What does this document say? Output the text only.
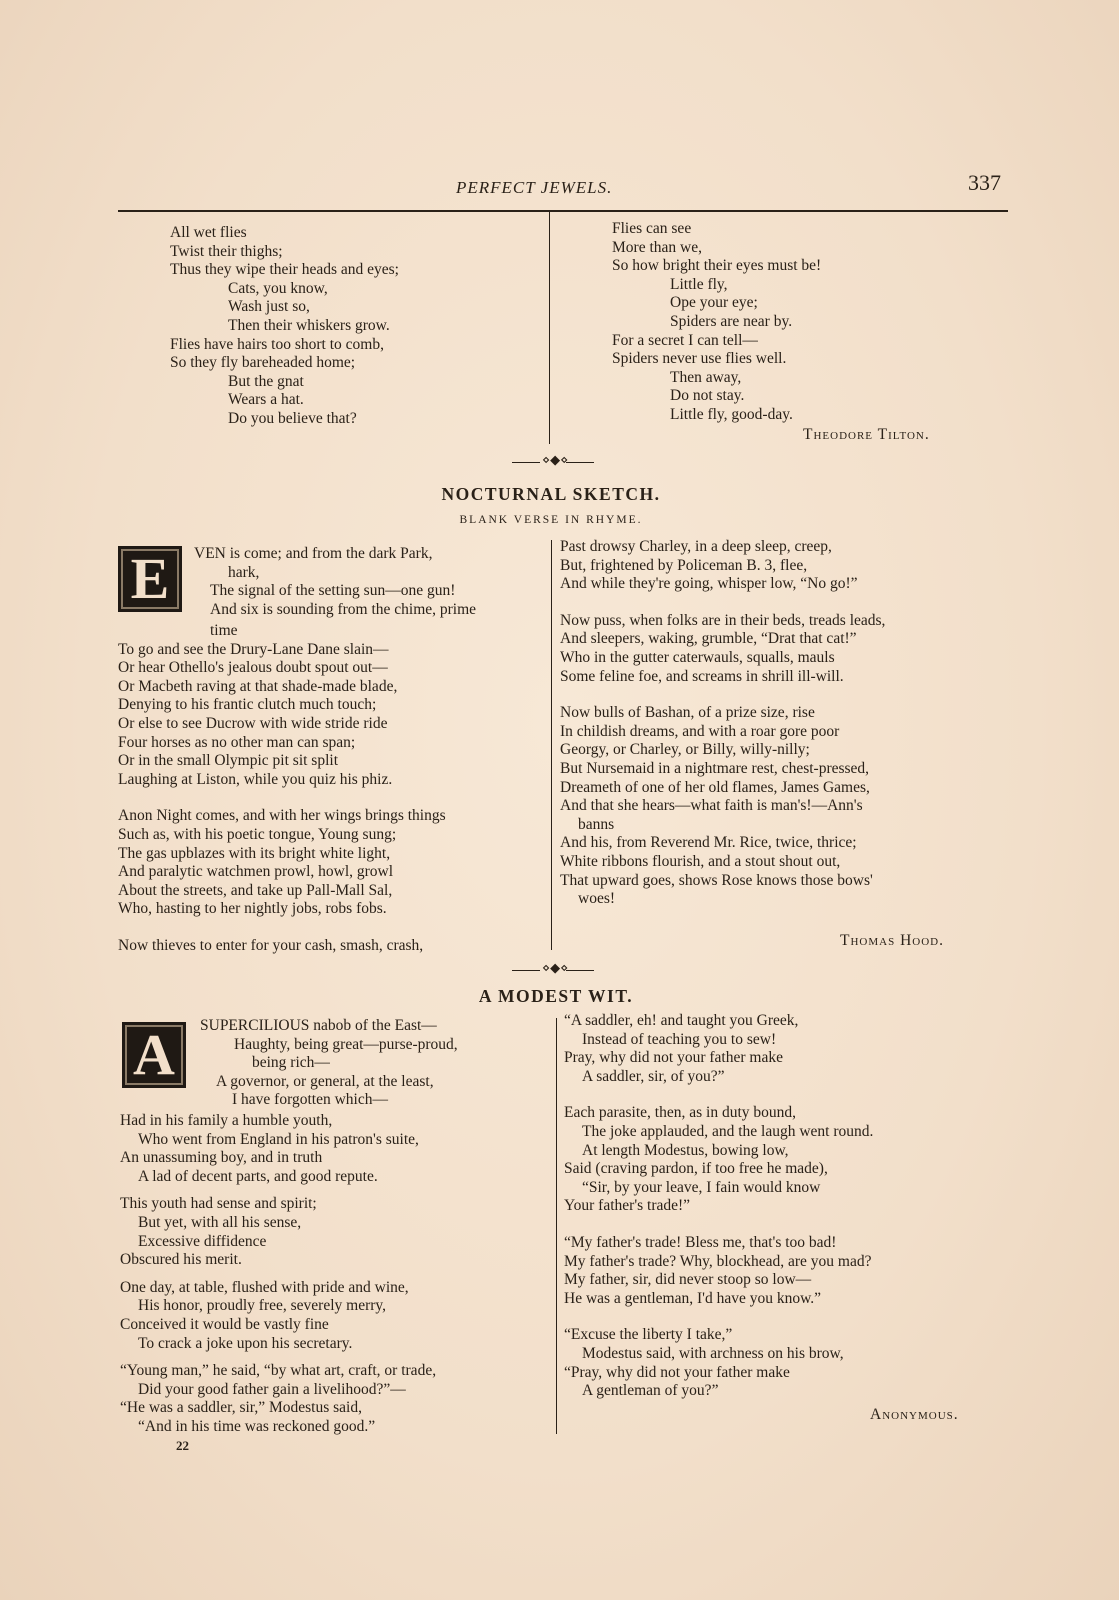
PERFECT JEWELS.	337
All wet flies
Twist their thighs;
Thus they wipe their heads and eyes;
Cats, you know,
Wash just so,
Then their whiskers grow.
Flies have hairs too short to comb,
So they fly bareheaded home;
But the gnat
Wears a hat.
Do you believe that?
Flies can see
More than we,
So how bright their eyes must be!
Little fly,
Ope your eye;
Spiders are near by.
For a secret I can tell—
Spiders never use flies well.
Then away,
Do not stay.
Little fly, good-day.
Theodore Tilton.
⋄◆⋄
NOCTURNAL SKETCH.
BLANK VERSE IN RHYME.
E	VEN is come; and from the dark Park,
hark,
The signal of the setting sun—one gun!
And six is sounding from the chime, prime
time
To go and see the Drury-Lane Dane slain—
Or hear Othello's jealous doubt spout out—
Or Macbeth raving at that shade-made blade,
Denying to his frantic clutch much touch;
Or else to see Ducrow with wide stride ride
Four horses as no other man can span;
Or in the small Olympic pit sit split
Laughing at Liston, while you quiz his phiz.
Anon Night comes, and with her wings brings things
Such as, with his poetic tongue, Young sung;
The gas upblazes with its bright white light,
And paralytic watchmen prowl, howl, growl
About the streets, and take up Pall-Mall Sal,
Who, hasting to her nightly jobs, robs fobs.
Now thieves to enter for your cash, smash, crash,
Past drowsy Charley, in a deep sleep, creep,
But, frightened by Policeman B. 3, flee,
And while they're going, whisper low, “No go!”
Now puss, when folks are in their beds, treads leads,
And sleepers, waking, grumble, “Drat that cat!”
Who in the gutter caterwauls, squalls, mauls
Some feline foe, and screams in shrill ill-will.
Now bulls of Bashan, of a prize size, rise
In childish dreams, and with a roar gore poor
Georgy, or Charley, or Billy, willy-nilly;
But Nursemaid in a nightmare rest, chest-pressed,
Dreameth of one of her old flames, James Games,
And that she hears—what faith is man's!—Ann's
banns
And his, from Reverend Mr. Rice, twice, thrice;
White ribbons flourish, and a stout shout out,
That upward goes, shows Rose knows those bows'
woes!
Thomas Hood.
⋄◆⋄
A MODEST WIT.
A	SUPERCILIOUS nabob of the East—
Haughty, being great—purse-proud,
being rich—
A governor, or general, at the least,
I have forgotten which—
Had in his family a humble youth,
Who went from England in his patron's suite,
An unassuming boy, and in truth
A lad of decent parts, and good repute.
This youth had sense and spirit;
But yet, with all his sense,
Excessive diffidence
Obscured his merit.
One day, at table, flushed with pride and wine,
His honor, proudly free, severely merry,
Conceived it would be vastly fine
To crack a joke upon his secretary.
“Young man,” he said, “by what art, craft, or trade,
Did your good father gain a livelihood?”—
“He was a saddler, sir,” Modestus said,
“And in his time was reckoned good.”
“A saddler, eh! and taught you Greek,
Instead of teaching you to sew!
Pray, why did not your father make
A saddler, sir, of you?”
Each parasite, then, as in duty bound,
The joke applauded, and the laugh went round.
At length Modestus, bowing low,
Said (craving pardon, if too free he made),
“Sir, by your leave, I fain would know
Your father's trade!”
“My father's trade! Bless me, that's too bad!
My father's trade? Why, blockhead, are you mad?
My father, sir, did never stoop so low—
He was a gentleman, I'd have you know.”
“Excuse the liberty I take,”
Modestus said, with archness on his brow,
“Pray, why did not your father make
A gentleman of you?”
Anonymous.
22
